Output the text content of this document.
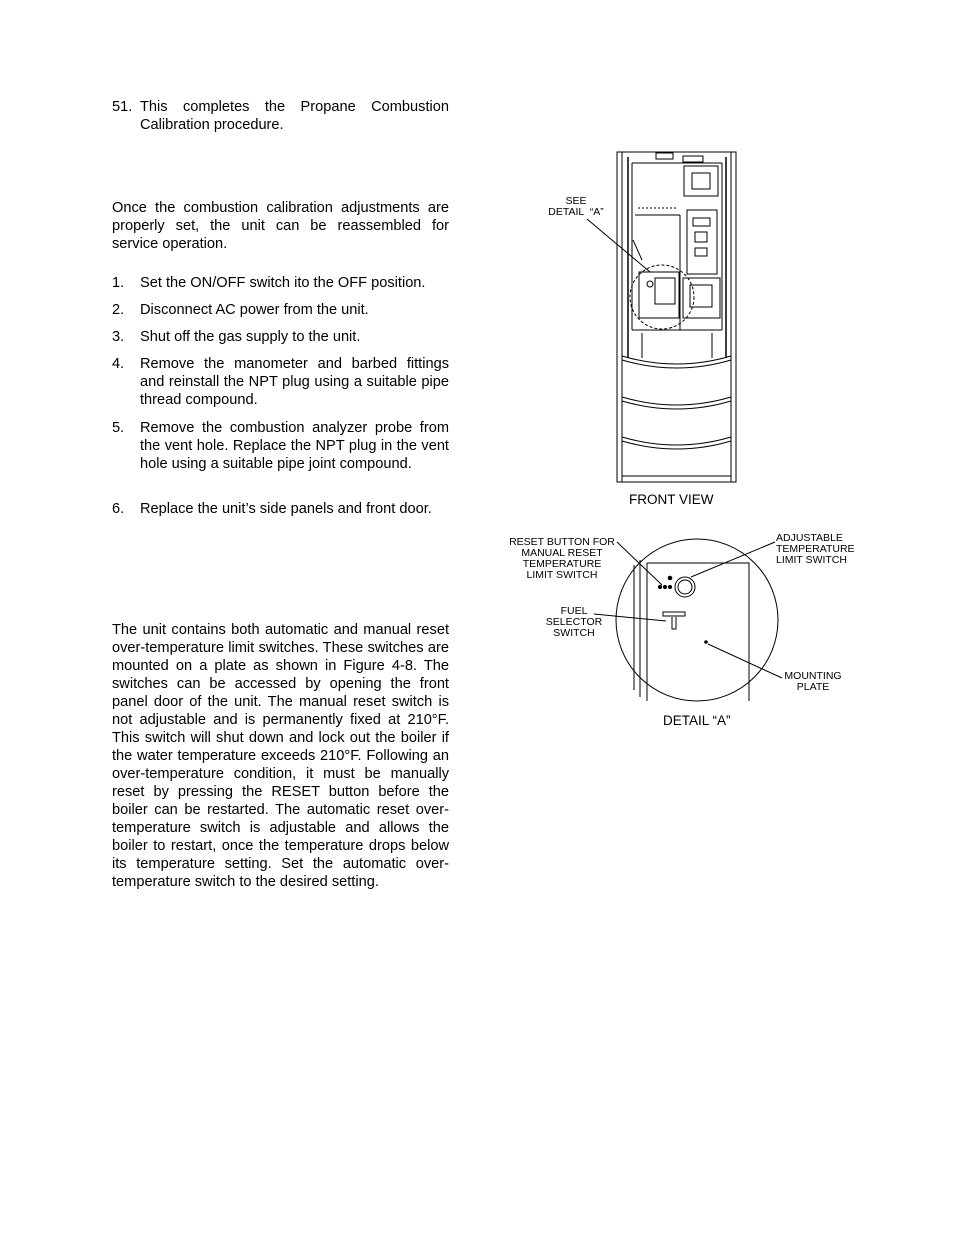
51. This completes the Propane Combustion Calibration procedure.
Once the combustion calibration adjustments are properly set, the unit can be reassembled for service operation.
1. Set the ON/OFF switch ito the OFF position.
2. Disconnect AC power from the unit.
3. Shut off the gas supply to the unit.
4. Remove the manometer and barbed fittings and reinstall the NPT plug using a suitable pipe thread compound.
5. Remove the combustion analyzer probe from the vent hole. Replace the NPT plug in the vent hole using a suitable pipe joint compound.
6. Replace the unit’s side panels and front door.
The unit contains both automatic and manual reset over-temperature limit switches. These switches are mounted on a plate as shown in Figure 4-8. The switches can be accessed by opening the front panel door of the unit. The manual reset switch is not adjustable and is permanently fixed at 210°F. This switch will shut down and lock out the boiler if the water temperature exceeds 210°F. Following an over-temperature condition, it must be manually reset by pressing the RESET button before the boiler can be restarted. The automatic reset over-temperature switch is adjustable and allows the boiler to restart, once the temperature drops below its temperature setting. Set the automatic over-temperature switch to the desired setting.
SEE
DETAIL  “A”
FRONT VIEW
RESET BUTTON FOR
MANUAL RESET
TEMPERATURE
LIMIT SWITCH
ADJUSTABLE
TEMPERATURE
LIMIT SWITCH
FUEL
SELECTOR
SWITCH
MOUNTING
PLATE
DETAIL “A”
